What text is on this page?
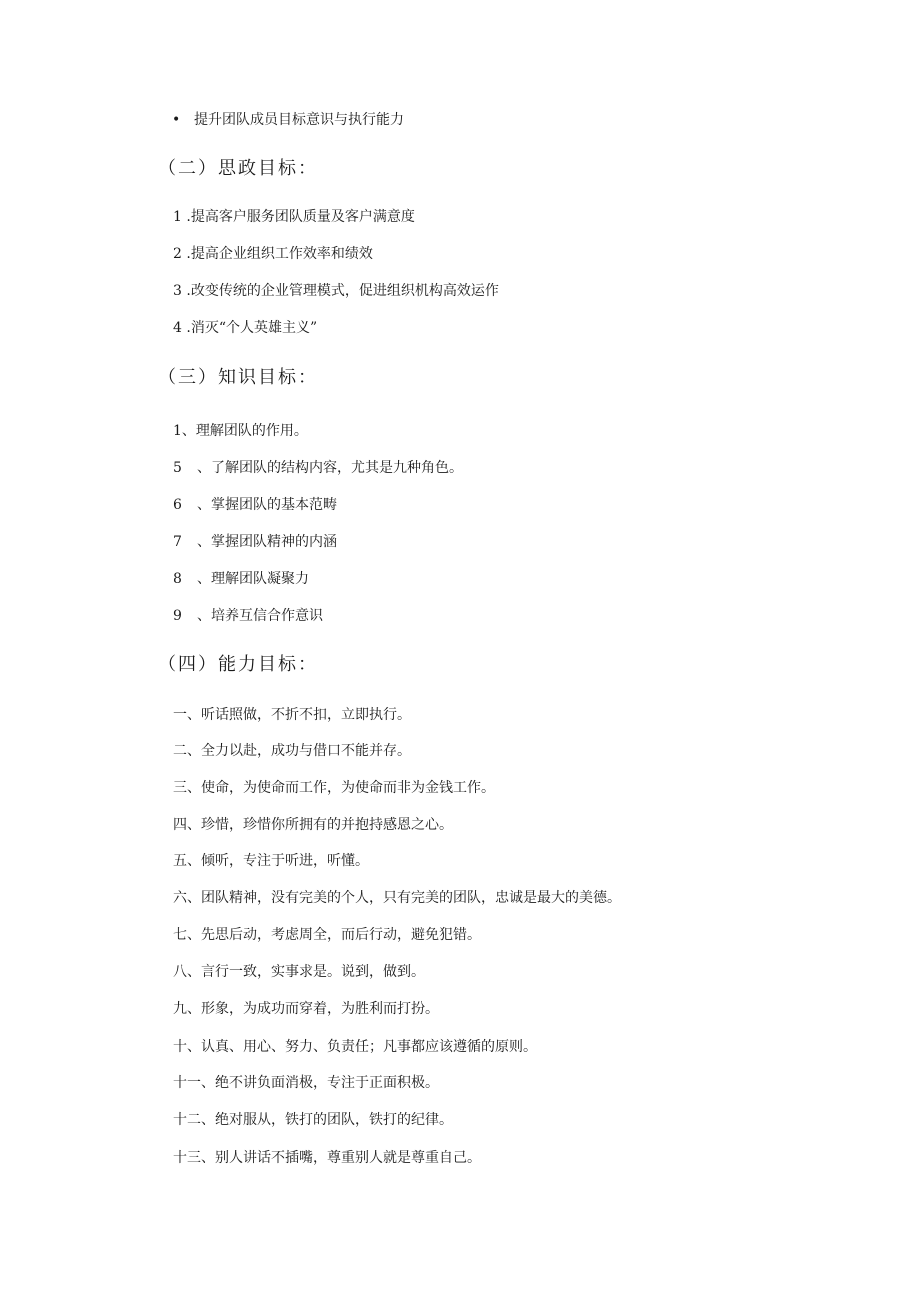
• 提升团队成员目标意识与执行能力
（二）思政目标：
1 .提高客户服务团队质量及客户满意度
2 .提高企业组织工作效率和绩效
3 .改变传统的企业管理模式，促进组织机构高效运作
4 .消灭“个人英雄主义”
（三）知识目标：
1、理解团队的作用。
5 、了解团队的结构内容，尤其是九种角色。
6 、掌握团队的基本范畴
7 、掌握团队精神的内涵
8 、理解团队凝聚力
9 、培养互信合作意识
（四）能力目标：
一、听话照做，不折不扣，立即执行。
二、全力以赴，成功与借口不能并存。
三、使命，为使命而工作，为使命而非为金钱工作。
四、珍惜，珍惜你所拥有的并抱持感恩之心。
五、倾听，专注于听进，听懂。
六、团队精神，没有完美的个人，只有完美的团队，忠诚是最大的美德。
七、先思后动，考虑周全，而后行动，避免犯错。
八、言行一致，实事求是。说到，做到。
九、形象，为成功而穿着，为胜利而打扮。
十、认真、用心、努力、负责任；凡事都应该遵循的原则。
十一、绝不讲负面消极，专注于正面积极。
十二、绝对服从，铁打的团队，铁打的纪律。
十三、别人讲话不插嘴，尊重别人就是尊重自己。
